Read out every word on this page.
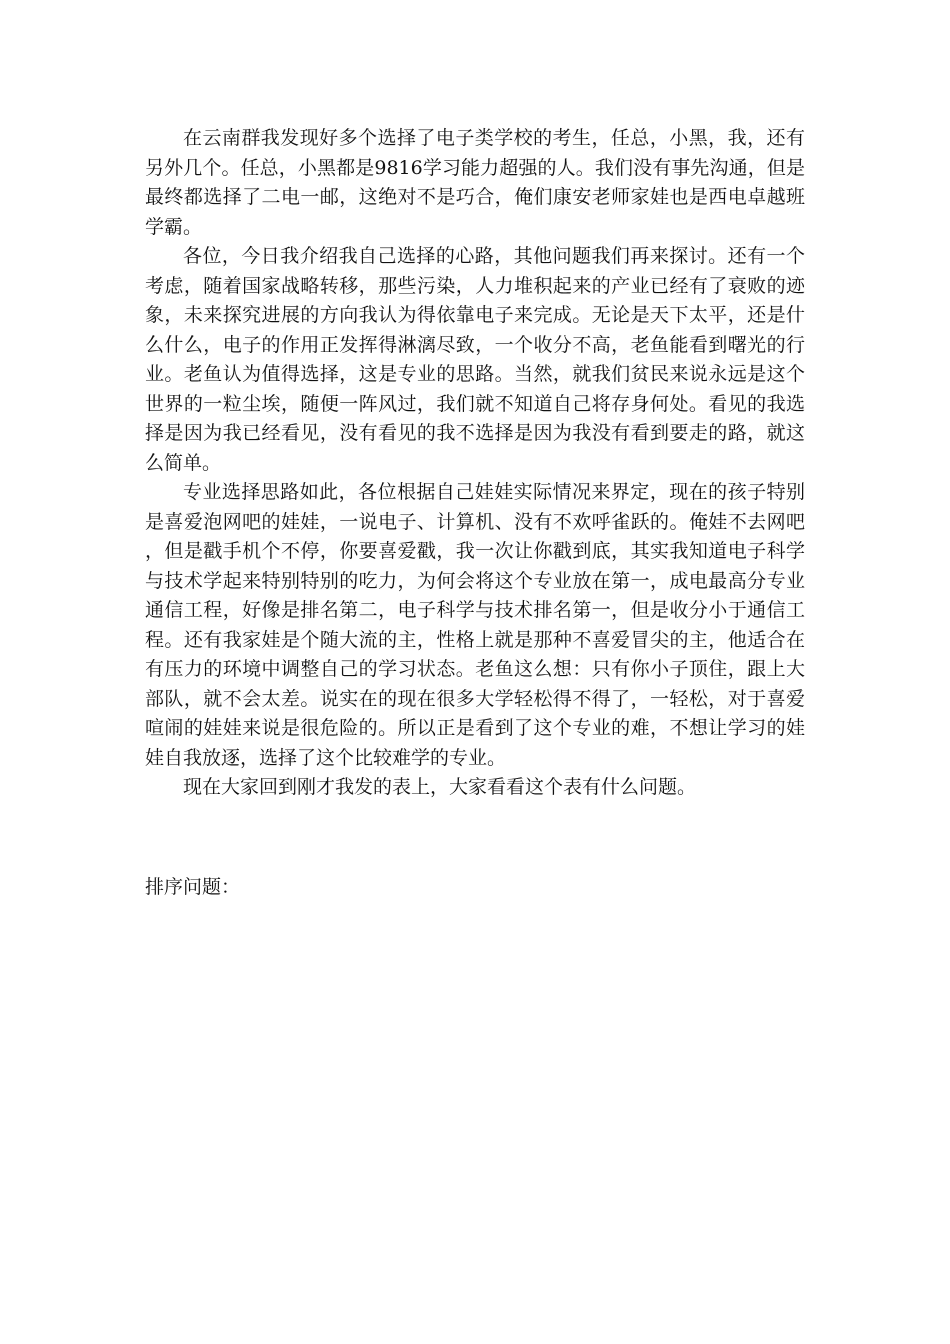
在云南群我发现好多个选择了电子类学校的考生，任总，小黑，我，还有另外几个。任总，小黑都是9816学习能力超强的人。我们没有事先沟通，但是最终都选择了二电一邮，这绝对不是巧合，俺们康安老师家娃也是西电卓越班学霸。

各位，今日我介绍我自己选择的心路，其他问题我们再来探讨。还有一个考虑，随着国家战略转移，那些污染，人力堆积起来的产业已经有了衰败的迹象，未来探究进展的方向我认为得依靠电子来完成。无论是天下太平，还是什么什么，电子的作用正发挥得淋漓尽致，一个收分不高，老鱼能看到曙光的行业。老鱼认为值得选择，这是专业的思路。当然，就我们贫民来说永远是这个世界的一粒尘埃，随便一阵风过，我们就不知道自己将存身何处。看见的我选择是因为我已经看见，没有看见的我不选择是因为我没有看到要走的路，就这么简单。

专业选择思路如此，各位根据自己娃娃实际情况来界定，现在的孩子特别是喜爱泡网吧的娃娃，一说电子、计算机、没有不欢呼雀跃的。俺娃不去网吧，但是戳手机个不停，你要喜爱戳，我一次让你戳到底，其实我知道电子科学与技术学起来特别特别的吃力，为何会将这个专业放在第一，成电最高分专业通信工程，好像是排名第二，电子科学与技术排名第一，但是收分小于通信工程。还有我家娃是个随大流的主，性格上就是那种不喜爱冒尖的主，他适合在有压力的环境中调整自己的学习状态。老鱼这么想：只有你小子顶住，跟上大部队，就不会太差。说实在的现在很多大学轻松得不得了，一轻松，对于喜爱喧闹的娃娃来说是很危险的。所以正是看到了这个专业的难，不想让学习的娃娃自我放逐，选择了这个比较难学的专业。

现在大家回到刚才我发的表上，大家看看这个表有什么问题。

排序问题：
